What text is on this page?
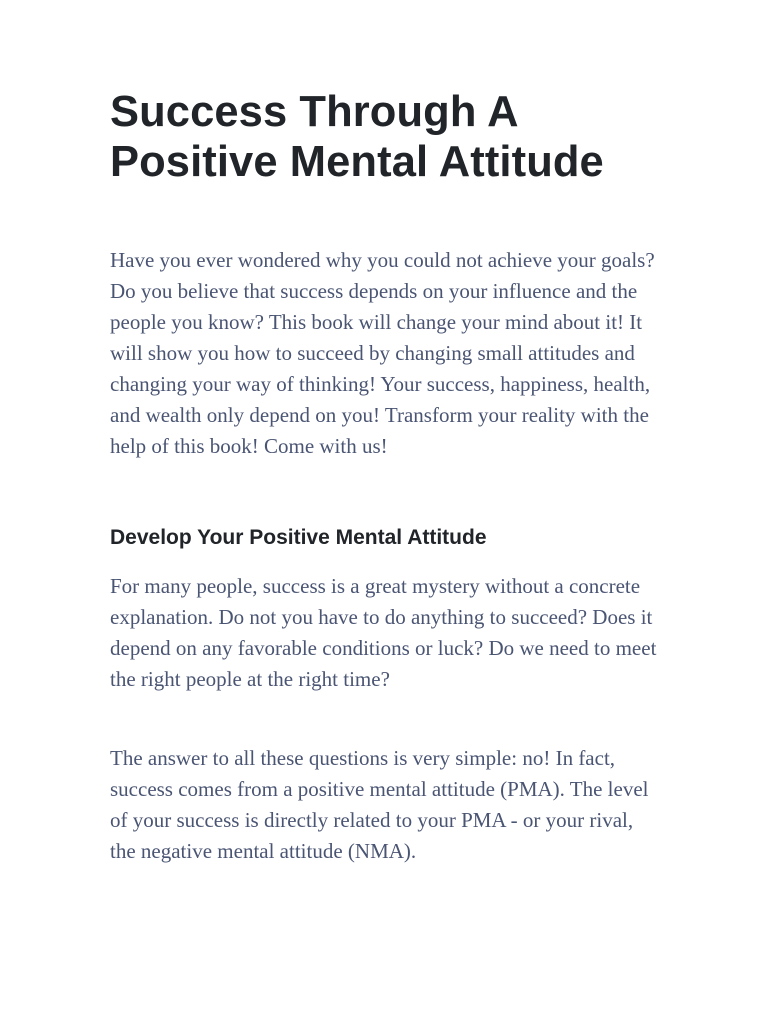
Success Through A Positive Mental Attitude

Have you ever wondered why you could not achieve your goals? Do you believe that success depends on your influence and the people you know? This book will change your mind about it! It will show you how to succeed by changing small attitudes and changing your way of thinking! Your success, happiness, health, and wealth only depend on you! Transform your reality with the help of this book! Come with us!

Develop Your Positive Mental Attitude

For many people, success is a great mystery without a concrete explanation. Do not you have to do anything to succeed? Does it depend on any favorable conditions or luck? Do we need to meet the right people at the right time?

The answer to all these questions is very simple: no! In fact, success comes from a positive mental attitude (PMA). The level of your success is directly related to your PMA - or your rival, the negative mental attitude (NMA).
